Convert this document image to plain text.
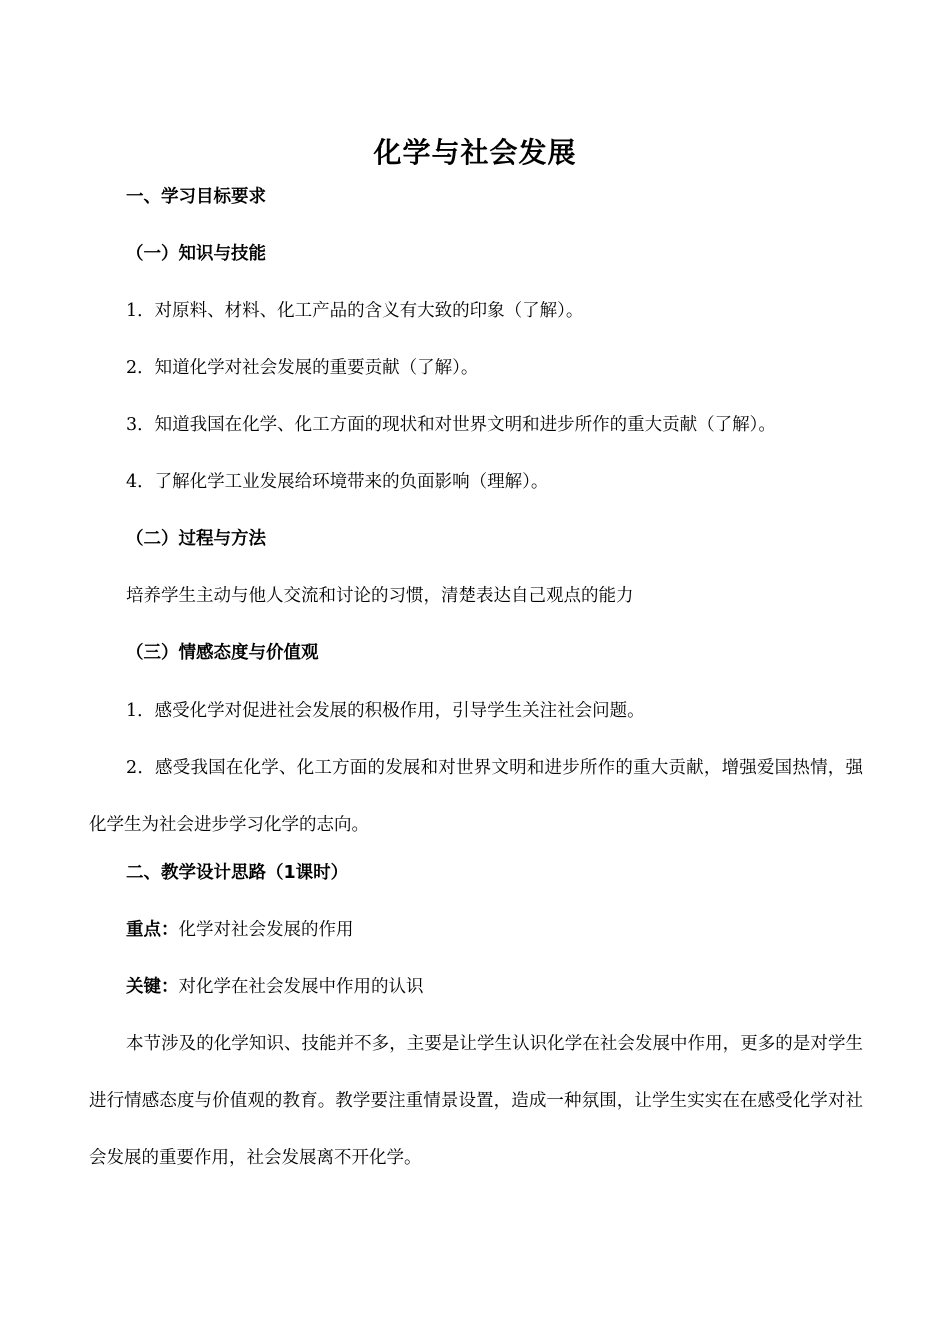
化学与社会发展
一、学习目标要求
（一）知识与技能
1．对原料、材料、化工产品的含义有大致的印象（了解）。
2．知道化学对社会发展的重要贡献（了解）。
3．知道我国在化学、化工方面的现状和对世界文明和进步所作的重大贡献（了解）。
4．了解化学工业发展给环境带来的负面影响（理解）。
（二）过程与方法
培养学生主动与他人交流和讨论的习惯，清楚表达自己观点的能力
（三）情感态度与价值观
1．感受化学对促进社会发展的积极作用，引导学生关注社会问题。
2．感受我国在化学、化工方面的发展和对世界文明和进步所作的重大贡献，增强爱国热情，强化学生为社会进步学习化学的志向。
二、教学设计思路（1课时）
重点：化学对社会发展的作用
关键：对化学在社会发展中作用的认识
本节涉及的化学知识、技能并不多，主要是让学生认识化学在社会发展中作用，更多的是对学生进行情感态度与价值观的教育。教学要注重情景设置，造成一种氛围，让学生实实在在感受化学对社会发展的重要作用，社会发展离不开化学。
